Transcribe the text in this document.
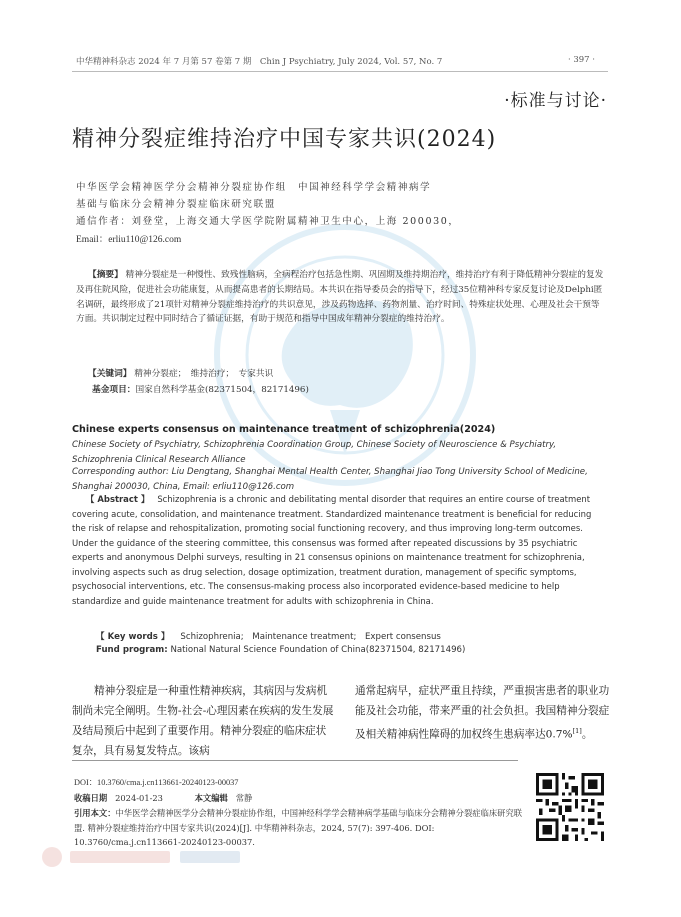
中华精神科杂志 2024 年 7 月第 57 卷第 7 期　Chin J Psychiatry, July 2024, Vol. 57, No. 7	· 397 ·
·标准与讨论·
精神分裂症维持治疗中国专家共识(2024)
中华医学会精神医学分会精神分裂症协作组　中国神经科学学会精神病学
基础与临床分会精神分裂症临床研究联盟
通信作者：刘登堂，上海交通大学医学院附属精神卫生中心，上海 200030，
Email：erliu110@126.com
【摘要】 精神分裂症是一种慢性、致残性脑病，全病程治疗包括急性期、巩固期及维持期治疗，维持治疗有利于降低精神分裂症的复发及再住院风险，促进社会功能康复，从而提高患者的长期结局。本共识在指导委员会的指导下，经过35位精神科专家反复讨论及Delphi匿名调研，最终形成了21项针对精神分裂症维持治疗的共识意见，涉及药物选择、药物剂量、治疗时间、特殊症状处理、心理及社会干预等方面。共识制定过程中同时结合了循证证据，有助于规范和指导中国成年精神分裂症的维持治疗。
【关键词】 精神分裂症；　维持治疗；　专家共识
基金项目：国家自然科学基金(82371504，82171496)
Chinese experts consensus on maintenance treatment of schizophrenia(2024)
Chinese Society of Psychiatry, Schizophrenia Coordination Group, Chinese Society of Neuroscience & Psychiatry, Schizophrenia Clinical Research Alliance
Corresponding author: Liu Dengtang, Shanghai Mental Health Center, Shanghai Jiao Tong University School of Medicine, Shanghai 200030, China, Email: erliu110@126.com
【 Abstract 】 Schizophrenia is a chronic and debilitating mental disorder that requires an entire course of treatment covering acute, consolidation, and maintenance treatment. Standardized maintenance treatment is beneficial for reducing the risk of relapse and rehospitalization, promoting social functioning recovery, and thus improving long-term outcomes. Under the guidance of the steering committee, this consensus was formed after repeated discussions by 35 psychiatric experts and anonymous Delphi surveys, resulting in 21 consensus opinions on maintenance treatment for schizophrenia, involving aspects such as drug selection, dosage optimization, treatment duration, management of specific symptoms, psychosocial interventions, etc. The consensus-making process also incorporated evidence-based medicine to help standardize and guide maintenance treatment for adults with schizophrenia in China.
【 Key words 】 Schizophrenia;　Maintenance treatment;　Expert consensus
Fund program: National Natural Science Foundation of China(82371504, 82171496)
精神分裂症是一种重性精神疾病，其病因与发病机制尚未完全阐明。生物-社会-心理因素在疾病的发生发展及结局预后中起到了重要作用。精神分裂症的临床症状复杂，具有易复发特点。该病
通常起病早，症状严重且持续，严重损害患者的职业功能及社会功能，带来严重的社会负担。我国精神分裂症及相关精神病性障碍的加权终生患病率达0.7%[1]。
DOI：10.3760/cma.j.cn113661-20240123-00037
收稿日期 2024-01-23	本文编辑 常静
引用本文：中华医学会精神医学分会精神分裂症协作组，中国神经科学学会精神病学基础与临床分会精神分裂症临床研究联盟. 精神分裂症维持治疗中国专家共识(2024)[J]. 中华精神科杂志，2024, 57(7): 397-406. DOI: 10.3760/cma.j.cn113661-20240123-00037.
